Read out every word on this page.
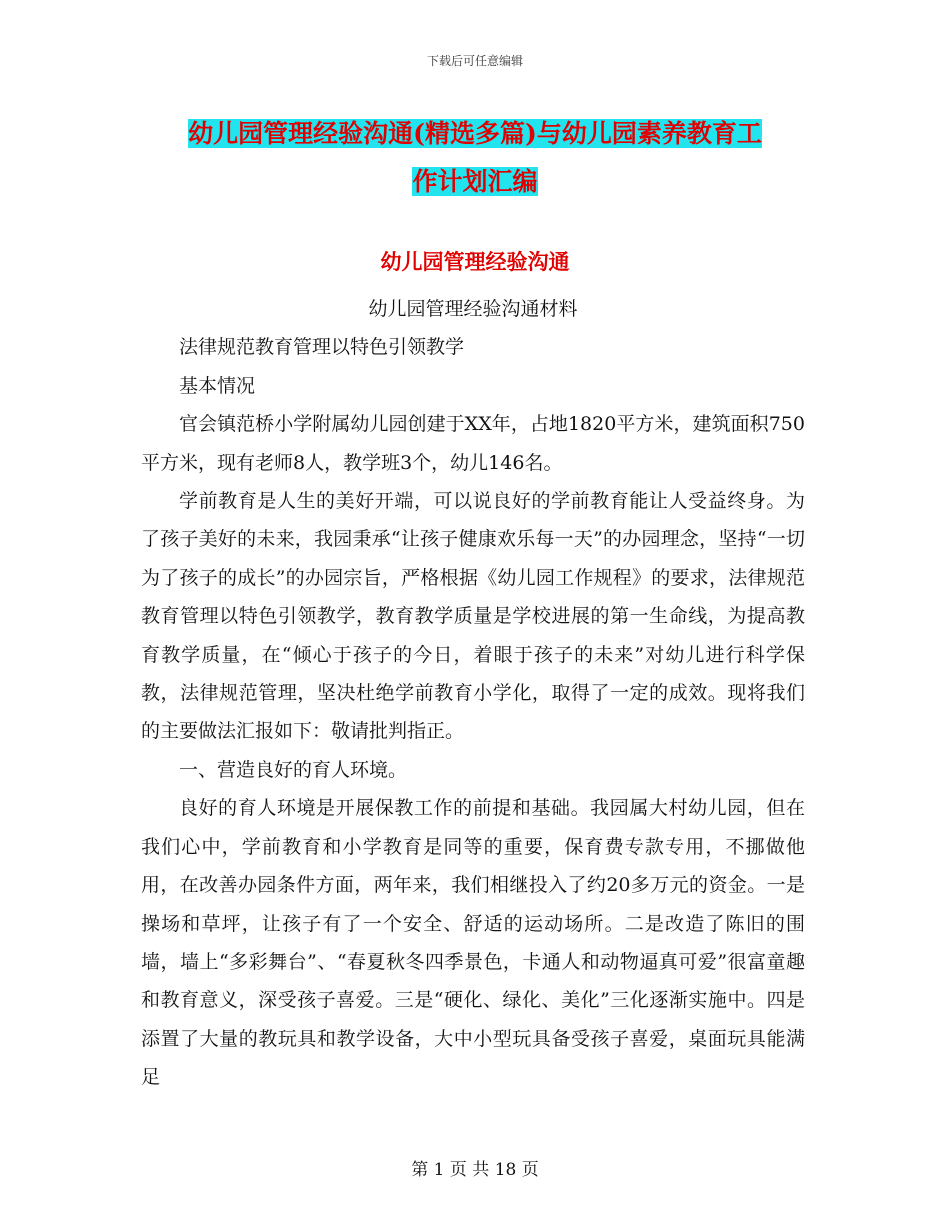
下载后可任意编辑
幼儿园管理经验沟通(精选多篇)与幼儿园素养教育工
作计划汇编
幼儿园管理经验沟通

幼儿园管理经验沟通材料

法律规范教育管理以特色引领教学

基本情况

官会镇范桥小学附属幼儿园创建于XX年，占地1820平方米，建筑面积750平方米，现有老师8人，教学班3个，幼儿146名。

学前教育是人生的美好开端，可以说良好的学前教育能让人受益终身。为了孩子美好的未来，我园秉承“让孩子健康欢乐每一天”的办园理念，坚持“一切为了孩子的成长”的办园宗旨，严格根据《幼儿园工作规程》的要求，法律规范教育管理以特色引领教学，教育教学质量是学校进展的第一生命线，为提高教育教学质量，在“倾心于孩子的今日，着眼于孩子的未来”对幼儿进行科学保教，法律规范管理，坚决杜绝学前教育小学化，取得了一定的成效。现将我们的主要做法汇报如下：敬请批判指正。

一、营造良好的育人环境。

良好的育人环境是开展保教工作的前提和基础。我园属大村幼儿园，但在我们心中，学前教育和小学教育是同等的重要，保育费专款专用，不挪做他用，在改善办园条件方面，两年来，我们相继投入了约20多万元的资金。一是操场和草坪，让孩子有了一个安全、舒适的运动场所。二是改造了陈旧的围墙，墙上“多彩舞台”、“春夏秋冬四季景色，卡通人和动物逼真可爱”很富童趣和教育意义，深受孩子喜爱。三是“硬化、绿化、美化”三化逐渐实施中。四是添置了大量的教玩具和教学设备，大中小型玩具备受孩子喜爱，桌面玩具能满足

第 1 页 共 18 页
